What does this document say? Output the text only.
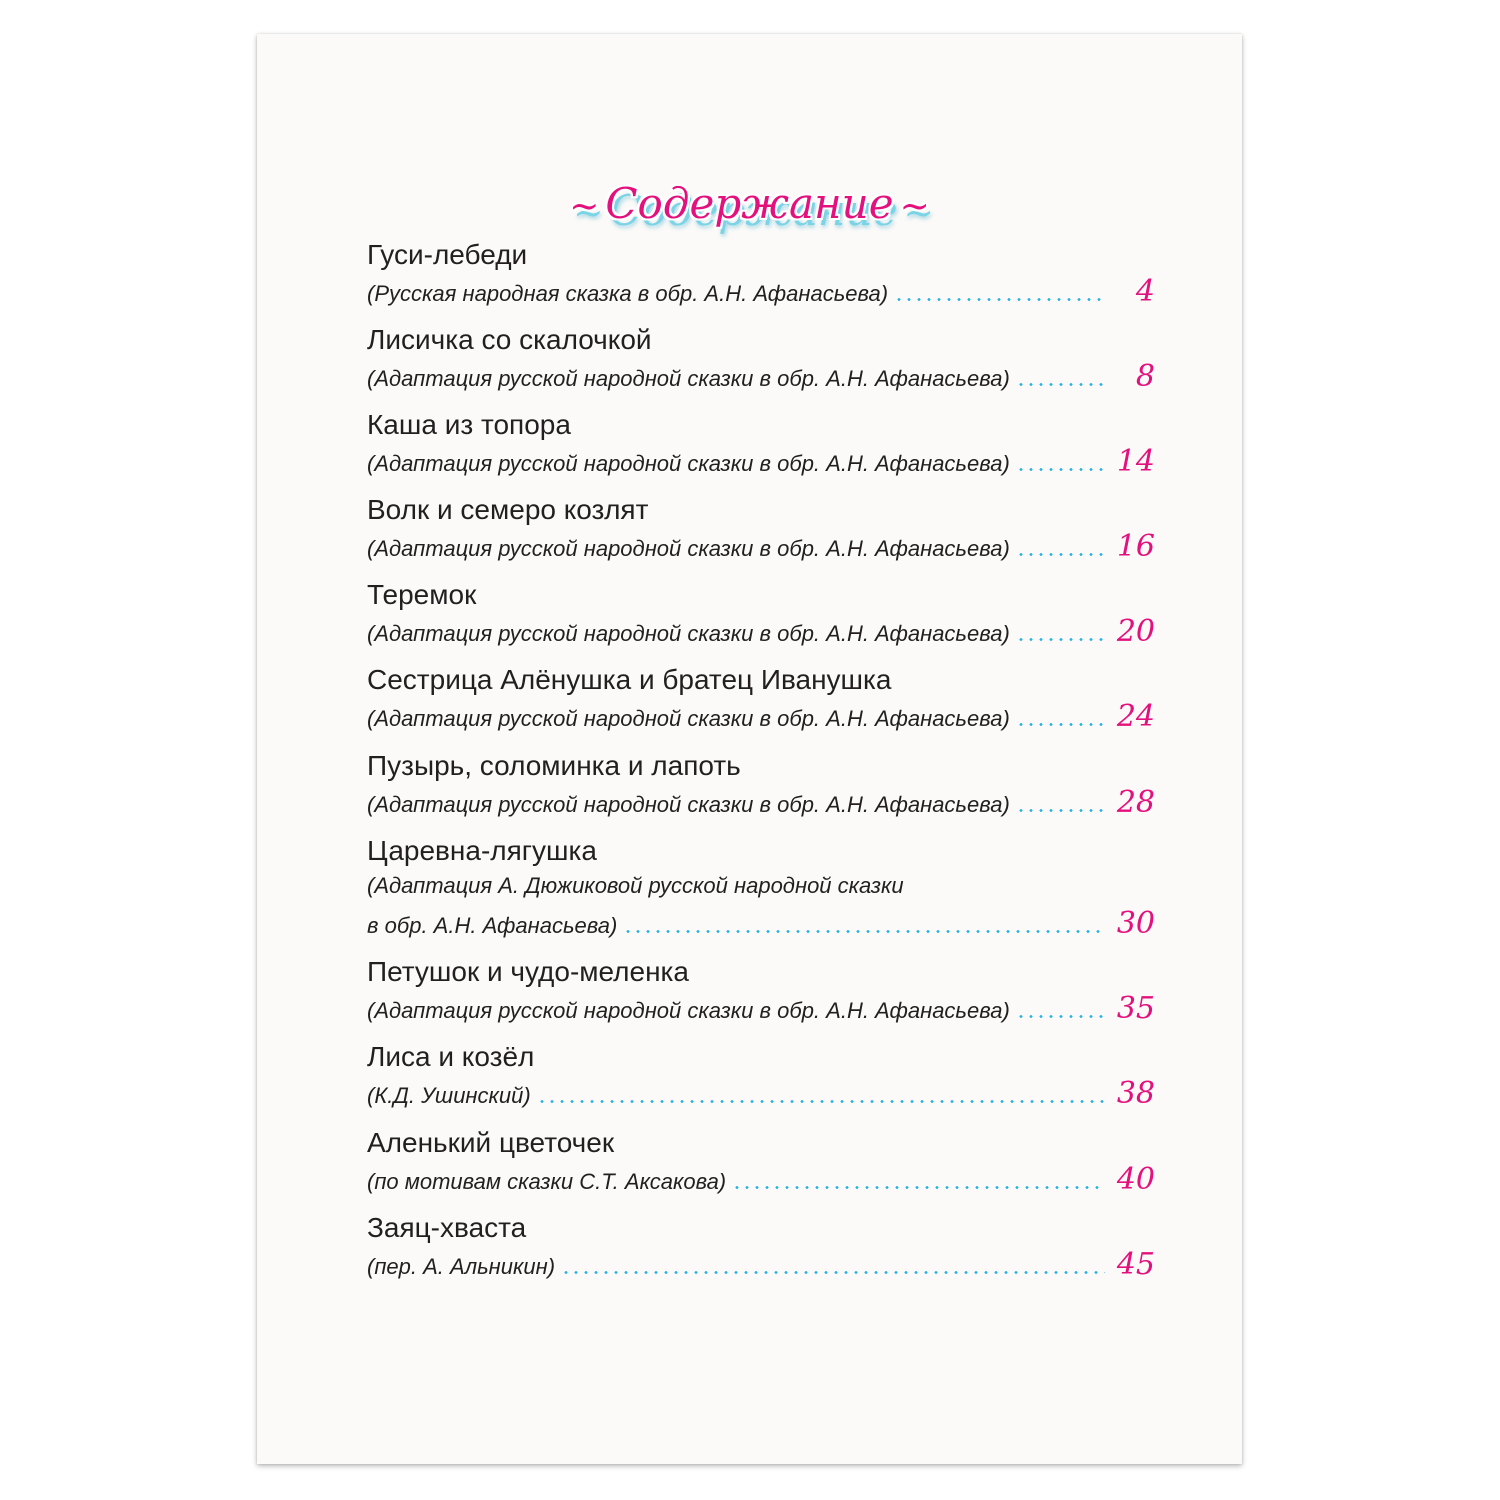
~ Содержание ~
Гуси-лебеди
(Русская народная сказка в обр. А.Н. Афанасьева)	4
Лисичка со скалочкой
(Адаптация русской народной сказки в обр. А.Н. Афанасьева)	8
Каша из топора
(Адаптация русской народной сказки в обр. А.Н. Афанасьева)	14
Волк и семеро козлят
(Адаптация русской народной сказки в обр. А.Н. Афанасьева)	16
Теремок
(Адаптация русской народной сказки в обр. А.Н. Афанасьева)	20
Сестрица Алёнушка и братец Иванушка
(Адаптация русской народной сказки в обр. А.Н. Афанасьева)	24
Пузырь, соломинка и лапоть
(Адаптация русской народной сказки в обр. А.Н. Афанасьева)	28
Царевна-лягушка
(Адаптация А. Дюжиковой русской народной сказки
в обр. А.Н. Афанасьева)	30
Петушок и чудо-меленка
(Адаптация русской народной сказки в обр. А.Н. Афанасьева)	35
Лиса и козёл
(К.Д. Ушинский)	38
Аленький цветочек
(по мотивам сказки С.Т. Аксакова)	40
Заяц-хваста
(пер. А. Альникин)	45
